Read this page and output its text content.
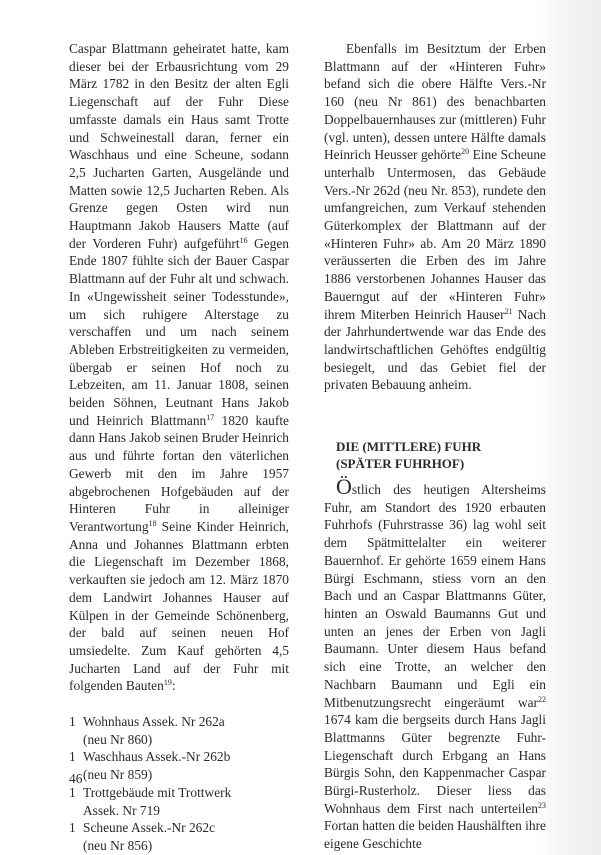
Caspar Blattmann geheiratet hatte, kam dieser bei der Erbausrichtung vom 29 März 1782 in den Besitz der alten Egli Liegenschaft auf der Fuhr Diese umfasste damals ein Haus samt Trotte und Schweinestall daran, ferner ein Waschhaus und eine Scheune, sodann 2,5 Jucharten Garten, Ausgelände und Matten sowie 12,5 Jucharten Reben. Als Grenze gegen Osten wird nun Hauptmann Jakob Hausers Matte (auf der Vorderen Fuhr) aufgeführt$^{16}$ Gegen Ende 1807 fühlte sich der Bauer Caspar Blattmann auf der Fuhr alt und schwach. In «Ungewissheit seiner Todesstunde», um sich ruhigere Alterstage zu verschaffen und um nach seinem Ableben Erbstreitigkeiten zu vermeiden, übergab er seinen Hof noch zu Lebzeiten, am 11. Januar 1808, seinen beiden Söhnen, Leutnant Hans Jakob und Heinrich Blattmann$^{17}$ 1820 kaufte dann Hans Jakob seinen Bruder Heinrich aus und führte fortan den väterlichen Gewerb mit den im Jahre 1957 abgebrochenen Hofgebäuden auf der Hinteren Fuhr in alleiniger Verantwortung$^{18}$ Seine Kinder Heinrich, Anna und Johannes Blattmann erbten die Liegenschaft im Dezember 1868, verkauften sie jedoch am 12. März 1870 dem Landwirt Johannes Hauser auf Külpen in der Gemeinde Schönenberg, der bald auf seinen neuen Hof umsiedelte. Zum Kauf gehörten 4,5 Jucharten Land auf der Fuhr mit folgenden Bauten$^{19}$:

1 Wohnhaus Assek. Nr 262a
(neu Nr 860)
1 Waschhaus Assek.-Nr 262b
(neu Nr 859)
1 Trottgebäude mit Trottwerk
Assek. Nr 719
1 Scheune Assek.-Nr 262c
(neu Nr 856)

Ebenfalls im Besitztum der Erben Blattmann auf der «Hinteren Fuhr» befand sich die obere Hälfte Vers.-Nr 160 (neu Nr 861) des benachbarten Doppelbauernhauses zur (mittleren) Fuhr (vgl. unten), dessen untere Hälfte damals Heinrich Heusser gehörte$^{20}$ Eine Scheune unterhalb Untermosen, das Gebäude Vers.-Nr 262d (neu Nr. 853), rundete den umfangreichen, zum Verkauf stehenden Güterkomplex der Blattmann auf der «Hinteren Fuhr» ab. Am 20 März 1890 veräusserten die Erben des im Jahre 1886 verstorbenen Johannes Hauser das Bauerngut auf der «Hinteren Fuhr» ihrem Miterben Heinrich Hauser$^{21}$ Nach der Jahrhundertwende war das Ende des landwirtschaftlichen Gehöftes endgültig besiegelt, und das Gebiet fiel der privaten Bebauung anheim.

DIE (MITTLERE) FUHR
(SPÄTER FUHRHOF)

Östlich des heutigen Altersheims Fuhr, am Standort des 1920 erbauten Fuhrhofs (Fuhrstrasse 36) lag wohl seit dem Spätmittelalter ein weiterer Bauernhof. Er gehörte 1659 einem Hans Bürgi Eschmann, stiess vorn an den Bach und an Caspar Blattmanns Güter, hinten an Oswald Baumanns Gut und unten an jenes der Erben von Jagli Baumann. Unter diesem Haus befand sich eine Trotte, an welcher den Nachbarn Baumann und Egli ein Mitbenutzungsrecht eingeräumt war$^{22}$ 1674 kam die bergseits durch Hans Jagli Blattmanns Güter begrenzte Fuhr-Liegenschaft durch Erbgang an Hans Bürgis Sohn, den Kappenmacher Caspar Bürgi-Rusterholz. Dieser liess das Wohnhaus dem First nach unterteilen$^{23}$ Fortan hatten die beiden Haushälften ihre eigene Geschichte

46
